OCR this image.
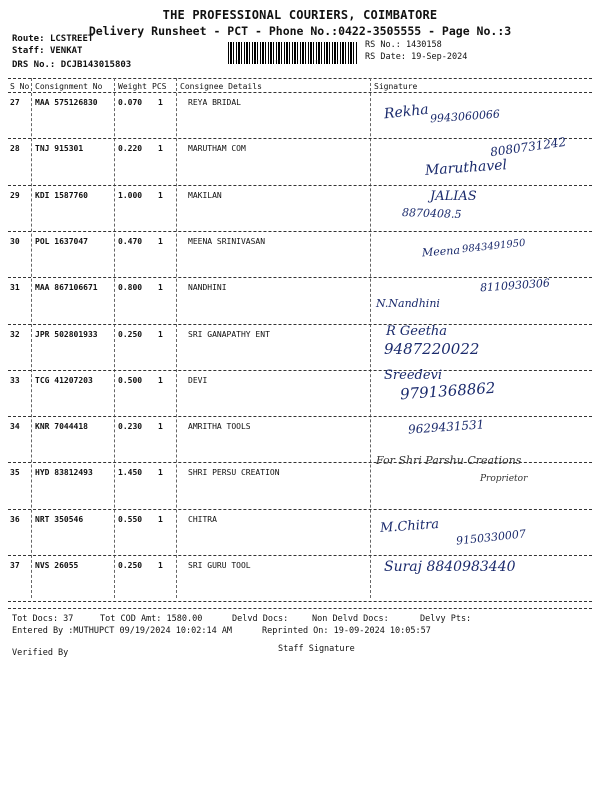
THE PROFESSIONAL COURIERS, COIMBATORE
Delivery Runsheet - PCT - Phone No.:0422-3505555 - Page No.:3
Route: LCSTREET
Staff: VENKAT
DRS No.: DCJB143015803
RS No.: 1430158
RS Date: 19-Sep-2024
S No Consignment No Weight PCS Consignee Details	Signature
27 MAA 575126830	0.070 1	REYA BRIDAL	Rekha 9943060066
28 TNJ 915301	0.220 1	MARUTHAM COM	8080731242
Maruthavel
29 KDI 1587760	1.000 1	MAKILAN	JALIAS
8870408.5
30 POL 1637047	0.470 1	MEENA SRINIVASAN
Meena 9843491950
31 MAA 867106671	0.800 1	NANDHINI
N.Nandhini
8110930306
32 JPR 502801933	0.250 1	SRI GANAPATHY ENT	R Geetha
9487220022
33 TCG 41207203	0.500 1	DEVI	Sreedevi
9791368862
34 KNR 7044418	0.230 1	AMRITHA TOOLS	9629431531
35 HYD 83812493	1.450 1	SHRI PERSU CREATION
For Shri Parshu Creations
Proprietor
36 NRT 350546	0.550 1	CHITRA	M.Chitra
9150330007
37 NVS 26055	0.250 1	SRI GURU TOOL	Suraj 8840983440
Tot Docs: 37	Tot COD Amt: 1580.00	Delvd Docs:	Non Delvd Docs:	Delvy Pts:
Entered By :MUTHUPCT 09/19/2024 10:02:14 AM	Reprinted On: 19-09-2024 10:05:57
Verified By	Staff Signature
